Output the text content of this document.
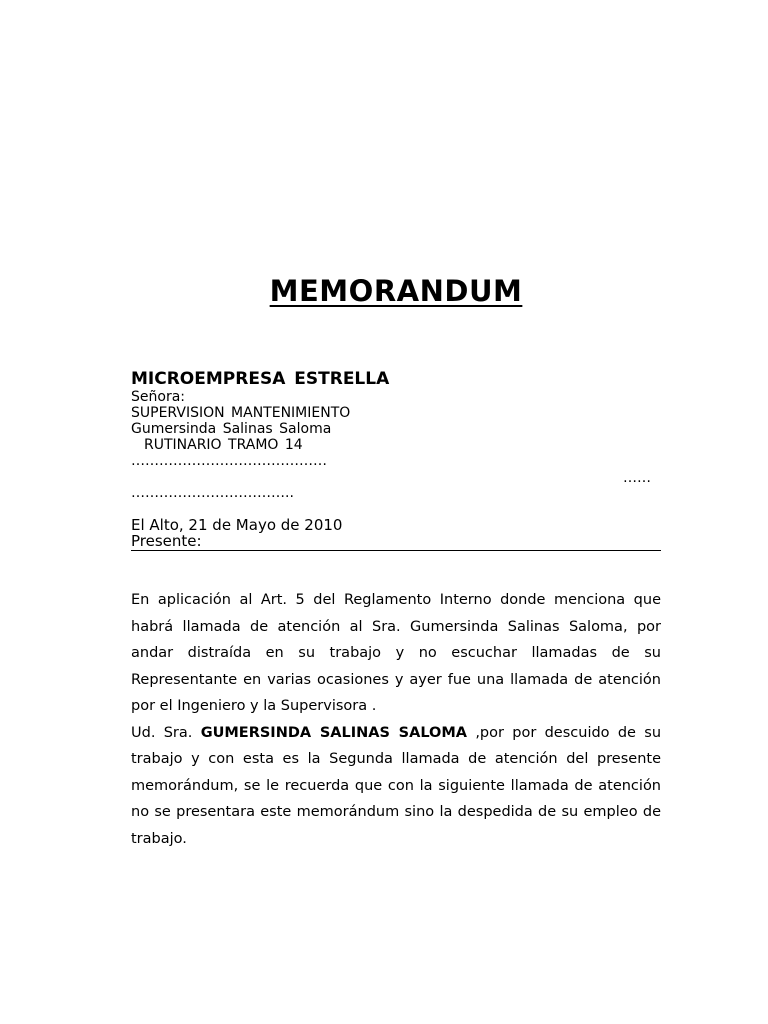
MEMORANDUM
MICROEMPRESA ESTRELLA
Señora:
SUPERVISION MANTENIMIENTO
Gumersinda Salinas Saloma
RUTINARIO TRAMO 14
……………………………………
……
……………………………..
El Alto, 21 de Mayo de 2010
Presente:

En aplicación al Art. 5 del Reglamento Interno donde menciona que habrá llamada de atención al Sra. Gumersinda Salinas Saloma, por andar distraída en su trabajo y no escuchar llamadas de su Representante en varias ocasiones y ayer fue una llamada de atención por el Ingeniero y la Supervisora .

Ud. Sra. GUMERSINDA SALINAS SALOMA ,por por descuido de su trabajo y con esta es la Segunda llamada de atención del presente memorándum, se le recuerda que con la siguiente llamada de atención no se presentara este memorándum sino la despedida de su empleo de trabajo.
